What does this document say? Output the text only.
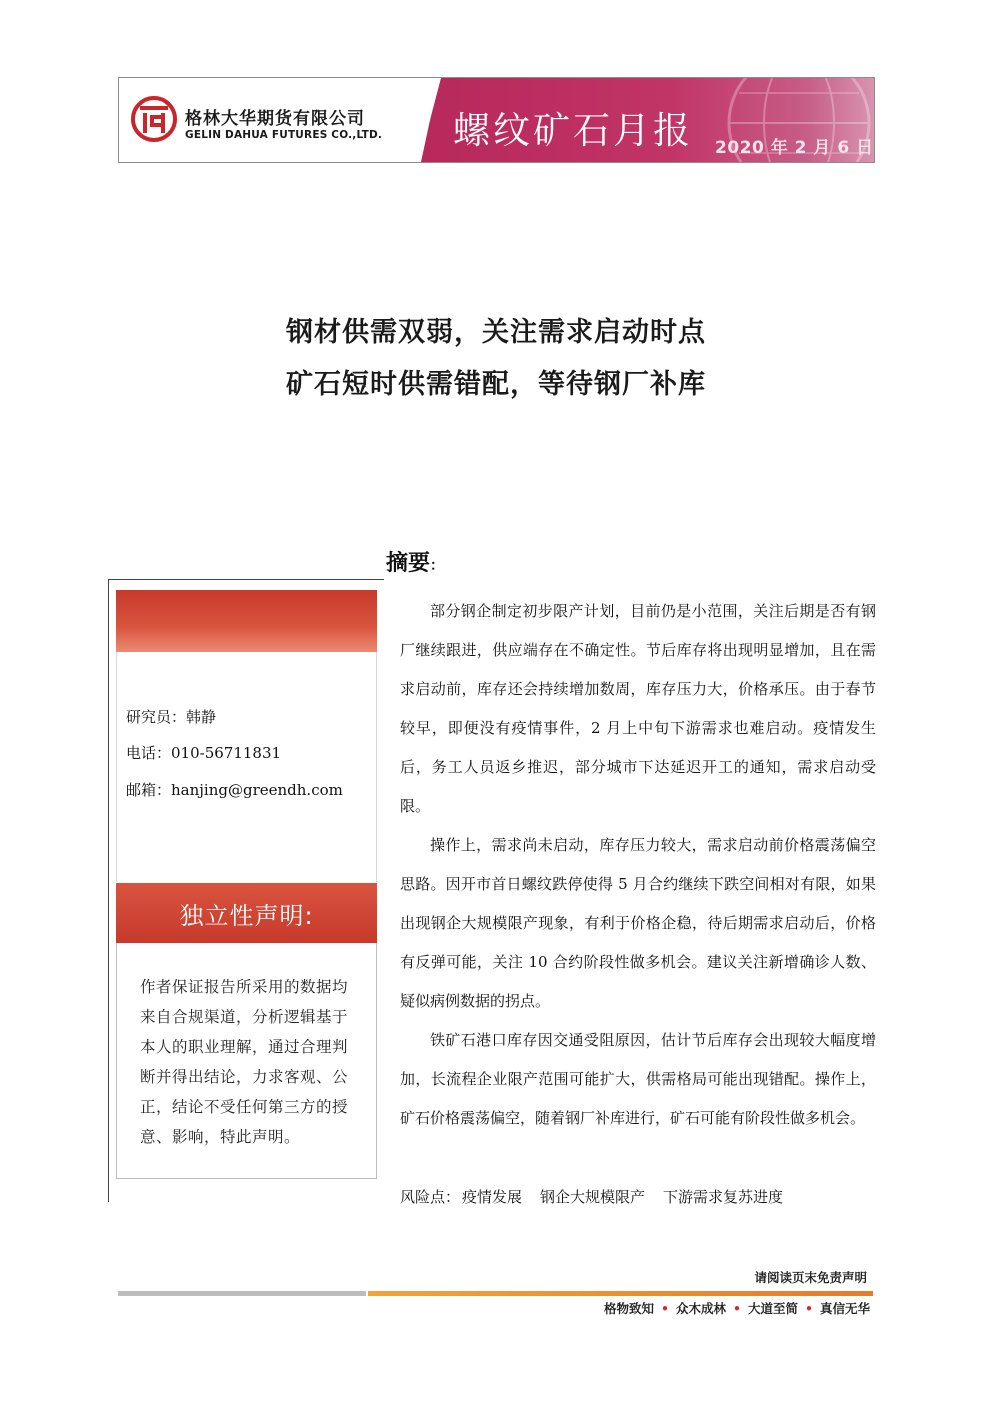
格林大华期货有限公司
GELIN DAHUA FUTURES CO.,LTD. 螺纹矿石月报 2020 年 2 月 6 日
钢材供需双弱，关注需求启动时点
矿石短时供需错配，等待钢厂补库
研究员：韩静
电话：010-56711831
邮箱：hanjing@greendh.com
独立性声明:
作者保证报告所采用的数据均来自合规渠道，分析逻辑基于本人的职业理解，通过合理判断并得出结论，力求客观、公正，结论不受任何第三方的授意、影响，特此声明。
摘要：

部分钢企制定初步限产计划，目前仍是小范围，关注后期是否有钢厂继续跟进，供应端存在不确定性。节后库存将出现明显增加，且在需求启动前，库存还会持续增加数周，库存压力大，价格承压。由于春节较早，即便没有疫情事件，2 月上中旬下游需求也难启动。疫情发生后，务工人员返乡推迟，部分城市下达延迟开工的通知，需求启动受限。

操作上，需求尚未启动，库存压力较大，需求启动前价格震荡偏空思路。因开市首日螺纹跌停使得 5 月合约继续下跌空间相对有限，如果出现钢企大规模限产现象，有利于价格企稳，待后期需求启动后，价格有反弹可能，关注 10 合约阶段性做多机会。建议关注新增确诊人数、疑似病例数据的拐点。

铁矿石港口库存因交通受阻原因，估计节后库存会出现较大幅度增加，长流程企业限产范围可能扩大，供需格局可能出现错配。操作上，矿石价格震荡偏空，随着钢厂补库进行，矿石可能有阶段性做多机会。

风险点： 疫情发展 钢企大规模限产 下游需求复苏进度
请阅读页末免责声明
格物致知 • 众木成林 • 大道至简 • 真信无华
